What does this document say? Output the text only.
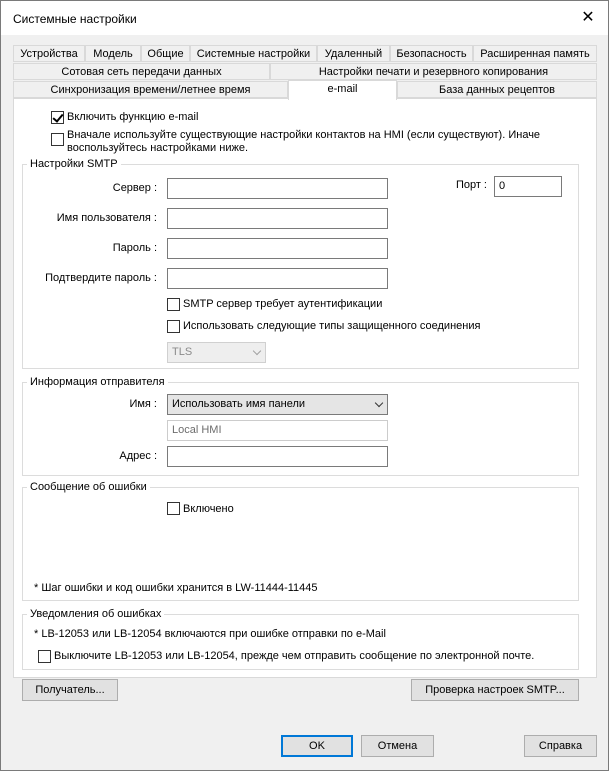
Системные настройки	✕
Устройства	Модель	Общие	Системные настройки	Удаленный	Безопасность	Расширенная память
Сотовая сеть передачи данных	Настройки печати и резервного копирования
Синхронизация времени/летнее время	База данных рецептов
e-mail
Включить функцию e-mail
Вначале используйте существующие настройки контактов на HMI (если существуют). Иначе
воспользуйтесь настройками ниже.
Настройки SMTP
Сервер :	Порт :	0
Имя пользователя :
Пароль :
Подтвердите пароль :
SMTP сервер требует аутентификации
Использовать следующие типы защищенного соединения
TLS
Информация отправителя
Имя :	Использовать имя панели
Local HMI
Адрес :
Сообщение об ошибки
Включено
* Шаг ошибки и код ошибки хранится в LW-11444-11445
Уведомления об ошибках
* LB-12053 или LB-12054 включаются при ошибке отправки по e-Mail
Выключите LB-12053 или LB-12054, прежде чем отправить сообщение по электронной почте.
Получатель...	Проверка настроек SMTP...
OK	Отмена	Справка
